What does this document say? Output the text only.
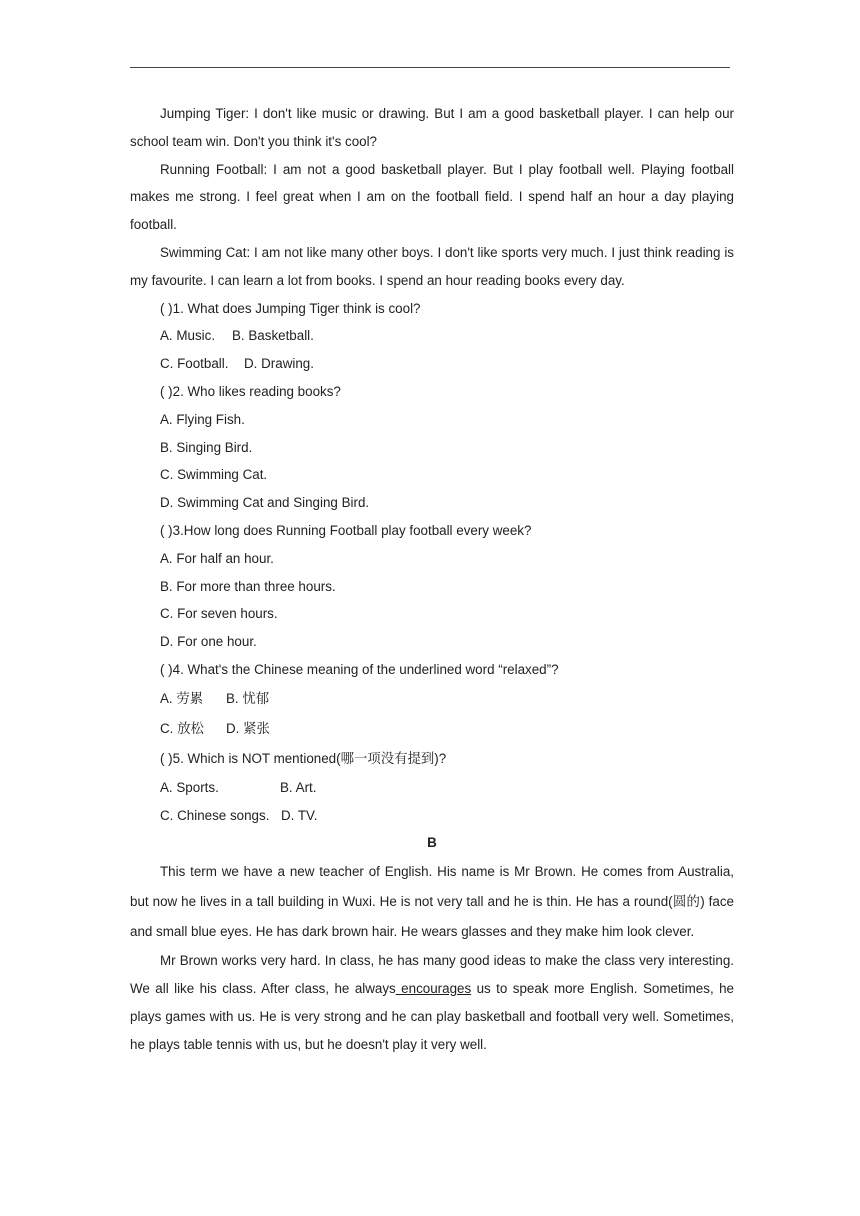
Jumping Tiger: I don't like music or drawing. But I am a good basketball player. I can help our school team win. Don't you think it's cool?

Running Football: I am not a good basketball player. But I play football well. Playing football makes me strong. I feel great when I am on the football field. I spend half an hour a day playing football.

Swimming Cat: I am not like many other boys. I don't like sports very much. I just think reading is my favourite. I can learn a lot from books. I spend an hour reading books every day.

( )1. What does Jumping Tiger think is cool?

A. Music. B. Basketball.

C. Football. D. Drawing.

( )2. Who likes reading books?

A. Flying Fish.

B. Singing Bird.

C. Swimming Cat.

D. Swimming Cat and Singing Bird.

( )3.How long does Running Football play football every week?

A. For half an hour.

B. For more than three hours.

C. For seven hours.

D. For one hour.

( )4. What's the Chinese meaning of the underlined word “relaxed”?

A. 劳累 B. 忧郁

C. 放松 D. 紧张

( )5. Which is NOT mentioned(哪一项没有提到)?

A. Sports.	B. Art.

C. Chinese songs. D. TV.

B

This term we have a new teacher of English. His name is Mr Brown. He comes from Australia, but now he lives in a tall building in Wuxi. He is not very tall and he is thin. He has a round(圆的) face and small blue eyes. He has dark brown hair. He wears glasses and they make him look clever.

Mr Brown works very hard. In class, he has many good ideas to make the class very interesting. We all like his class. After class, he always encourages us to speak more English. Sometimes, he plays games with us. He is very strong and he can play basketball and football very well. Sometimes, he plays table tennis with us, but he doesn't play it very well.
